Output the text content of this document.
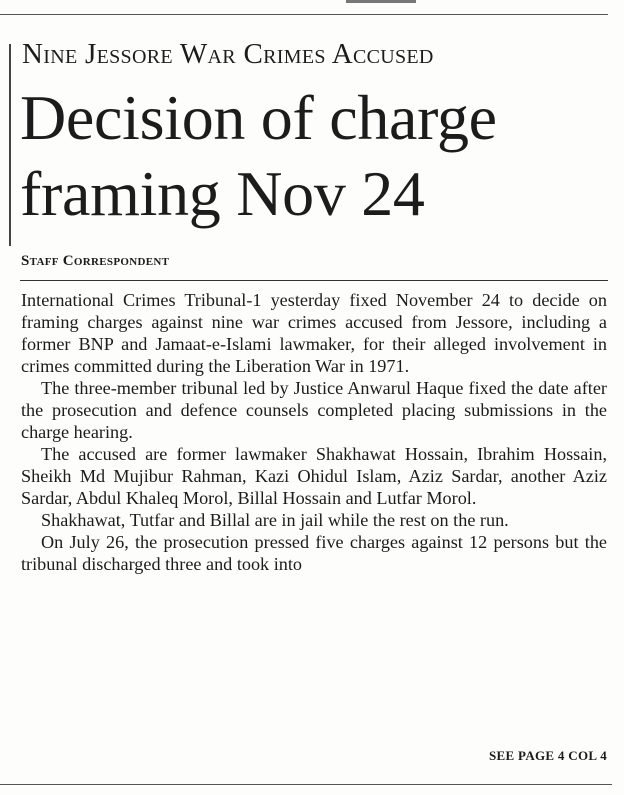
Nine Jessore War Crimes Accused
Decision of charge framing Nov 24
Staff Correspondent

International Crimes Tribunal-1 yesterday fixed November 24 to decide on framing charges against nine war crimes accused from Jessore, including a former BNP and Jamaat-e-Islami lawmaker, for their alleged involvement in crimes committed during the Liberation War in 1971.

The three-member tribunal led by Justice Anwarul Haque fixed the date after the prosecution and defence counsels completed placing submissions in the charge hearing.

The accused are former lawmaker Shakhawat Hossain, Ibrahim Hossain, Sheikh Md Mujibur Rahman, Kazi Ohidul Islam, Aziz Sardar, another Aziz Sardar, Abdul Khaleq Morol, Billal Hossain and Lutfar Morol.

Shakhawat, Tutfar and Billal are in jail while the rest on the run.

On July 26, the prosecution pressed five charges against 12 persons but the tribunal discharged three and took into

SEE PAGE 4 COL 4
